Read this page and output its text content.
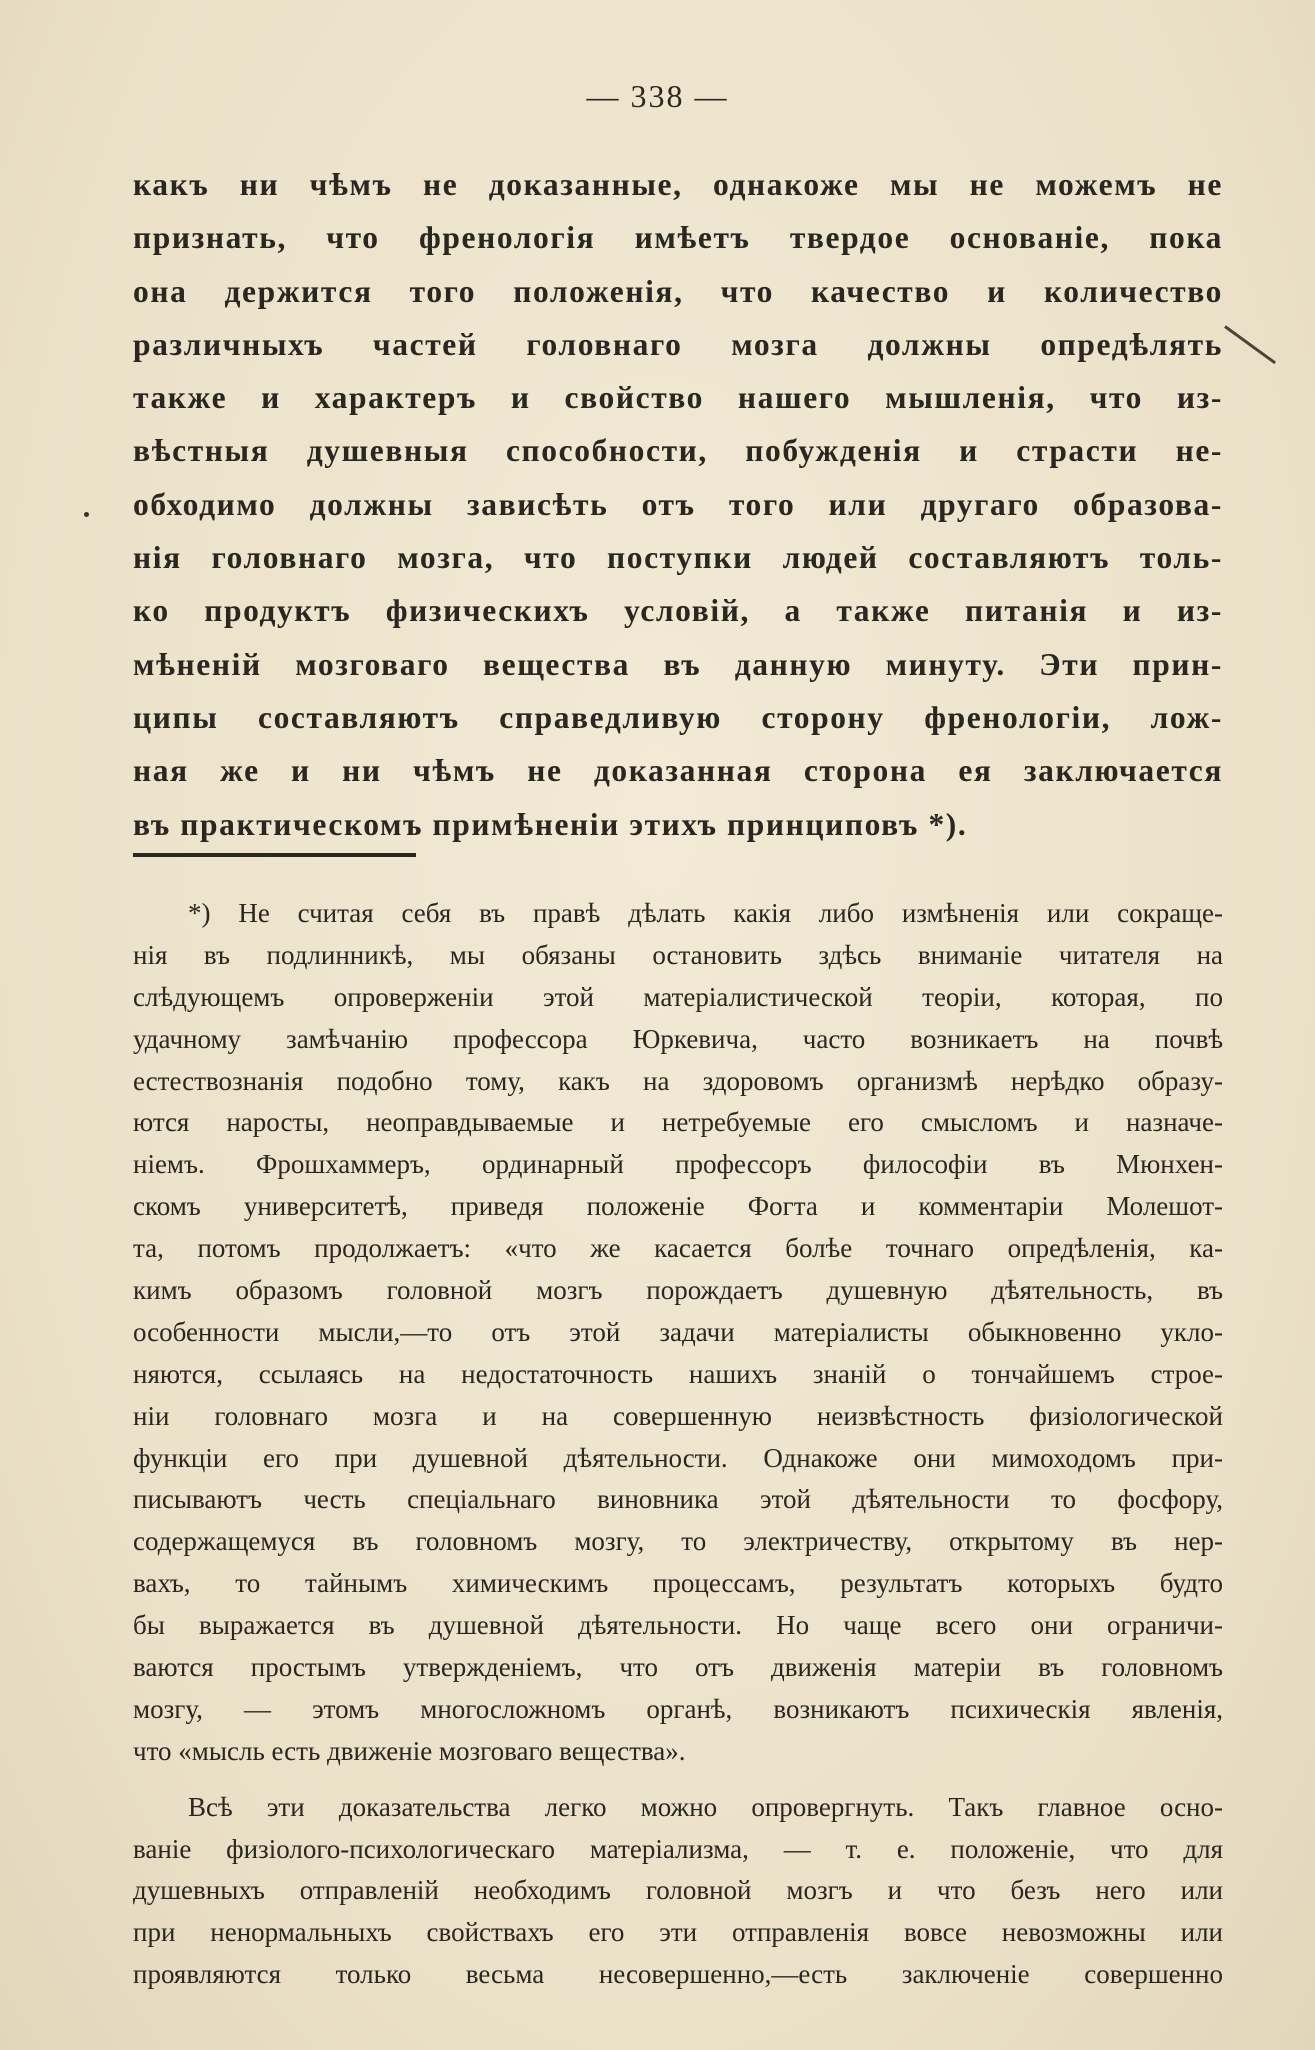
— 338 —
какъ ни чѣмъ не доказанные, однакоже мы не можемъ не
признать, что френологія имѣетъ твердое основаніе, пока
она держится того положенія, что качество и количество
различныхъ частей головнаго мозга должны опредѣлять
также и характеръ и свойство нашего мышленія, что из-
вѣстныя душевныя способности, побужденія и страсти не-
обходимо должны зависѣть отъ того или другаго образова-
нія головнаго мозга, что поступки людей составляютъ толь-
ко продуктъ физическихъ условій, а также питанія и из-
мѣненій мозговаго вещества въ данную минуту. Эти прин-
ципы составляютъ справедливую сторону френологіи, лож-
ная же и ни чѣмъ не доказанная сторона ея заключается
въ практическомъ примѣненіи этихъ принциповъ *).
*) Не считая себя въ правѣ дѣлать какія либо измѣненія или сокраще-
нія въ подлинникѣ, мы обязаны остановить здѣсь вниманіе читателя на
слѣдующемъ опроверженіи этой матеріалистической теоріи, которая, по
удачному замѣчанію профессора Юркевича, часто возникаетъ на почвѣ
естествознанія подобно тому, какъ на здоровомъ организмѣ нерѣдко образу-
ются наросты, неоправдываемые и нетребуемые его смысломъ и назначе-
ніемъ. Фрошхаммеръ, ординарный профессоръ философіи въ Мюнхен-
скомъ университетѣ, приведя положеніе Фогта и комментаріи Молешот-
та, потомъ продолжаетъ: «что же касается болѣе точнаго опредѣленія, ка-
кимъ образомъ головной мозгъ порождаетъ душевную дѣятельность, въ
особенности мысли,—то отъ этой задачи матеріалисты обыкновенно укло-
няются, ссылаясь на недостаточность нашихъ знаній о тончайшемъ строе-
ніи головнаго мозга и на совершенную неизвѣстность физіологической
функціи его при душевной дѣятельности. Однакоже они мимоходомъ при-
писываютъ честь спеціальнаго виновника этой дѣятельности то фосфору,
содержащемуся въ головномъ мозгу, то электричеству, открытому въ нер-
вахъ, то тайнымъ химическимъ процессамъ, результатъ которыхъ будто
бы выражается въ душевной дѣятельности. Но чаще всего они ограничи-
ваются простымъ утвержденіемъ, что отъ движенія матеріи въ головномъ
мозгу, — этомъ многосложномъ органѣ, возникаютъ психическія явленія,
что «мысль есть движеніе мозговаго вещества».
Всѣ эти доказательства легко можно опровергнуть. Такъ главное осно-
ваніе физіолого-психологическаго матеріализма, — т. е. положеніе, что для
душевныхъ отправленій необходимъ головной мозгъ и что безъ него или
при ненормальныхъ свойствахъ его эти отправленія вовсе невозможны или
проявляются только весьма несовершенно,—есть заключеніе совершенно
